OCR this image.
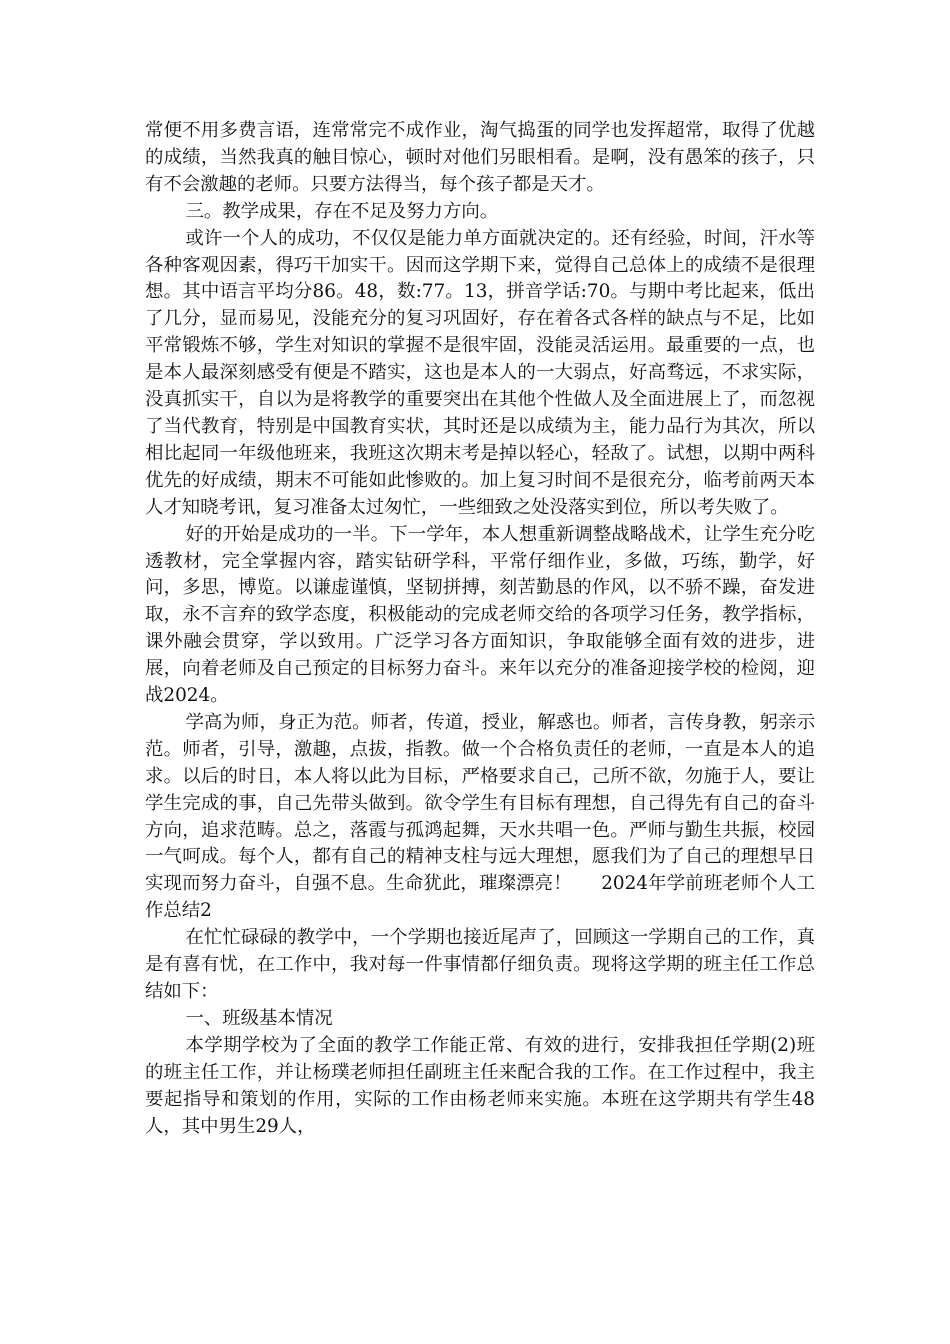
常便不用多费言语，连常常完不成作业，淘气捣蛋的同学也发挥超常，取得了优越的成绩，当然我真的触目惊心，顿时对他们另眼相看。是啊，没有愚笨的孩子，只有不会激趣的老师。只要方法得当，每个孩子都是天才。

三。教学成果，存在不足及努力方向。

或许一个人的成功，不仅仅是能力单方面就决定的。还有经验，时间，汗水等各种客观因素，得巧干加实干。因而这学期下来，觉得自己总体上的成绩不是很理想。其中语言平均分86。48，数:77。13，拼音学话:70。与期中考比起来，低出了几分，显而易见，没能充分的复习巩固好，存在着各式各样的缺点与不足，比如平常锻炼不够，学生对知识的掌握不是很牢固，没能灵活运用。最重要的一点，也是本人最深刻感受有便是不踏实，这也是本人的一大弱点，好高骛远，不求实际，没真抓实干，自以为是将教学的重要突出在其他个性做人及全面进展上了，而忽视了当代教育，特别是中国教育实状，其时还是以成绩为主，能力品行为其次，所以相比起同一年级他班来，我班这次期末考是掉以轻心，轻敌了。试想，以期中两科优先的好成绩，期末不可能如此惨败的。加上复习时间不是很充分，临考前两天本人才知晓考讯，复习准备太过匆忙，一些细致之处没落实到位，所以考失败了。

好的开始是成功的一半。下一学年，本人想重新调整战略战术，让学生充分吃透教材，完全掌握内容，踏实钻研学科，平常仔细作业，多做，巧练，勤学，好问，多思，博览。以谦虚谨慎，坚韧拼搏，刻苦勤恳的作风，以不骄不躁，奋发进取，永不言弃的致学态度，积极能动的完成老师交给的各项学习任务，教学指标，课外融会贯穿，学以致用。广泛学习各方面知识，争取能够全面有效的进步，进展，向着老师及自己预定的目标努力奋斗。来年以充分的准备迎接学校的检阅，迎战2024。

学高为师，身正为范。师者，传道，授业，解惑也。师者，言传身教，躬亲示范。师者，引导，激趣，点拔，指教。做一个合格负责任的老师，一直是本人的追求。以后的时日，本人将以此为目标，严格要求自己，己所不欲，勿施于人，要让学生完成的事，自己先带头做到。欲令学生有目标有理想，自己得先有自己的奋斗方向，追求范畴。总之，落霞与孤鸿起舞，天水共唱一色。严师与勤生共振，校园一气呵成。每个人，都有自己的精神支柱与远大理想，愿我们为了自己的理想早日实现而努力奋斗，自强不息。生命犹此，璀璨漂亮！ 2024年学前班老师个人工作总结2

在忙忙碌碌的教学中，一个学期也接近尾声了，回顾这一学期自己的工作，真是有喜有忧，在工作中，我对每一件事情都仔细负责。现将这学期的班主任工作总结如下：

一、班级基本情况

本学期学校为了全面的教学工作能正常、有效的进行，安排我担任学期(2)班的班主任工作，并让杨璞老师担任副班主任来配合我的工作。在工作过程中，我主要起指导和策划的作用，实际的工作由杨老师来实施。本班在这学期共有学生48人，其中男生29人，
